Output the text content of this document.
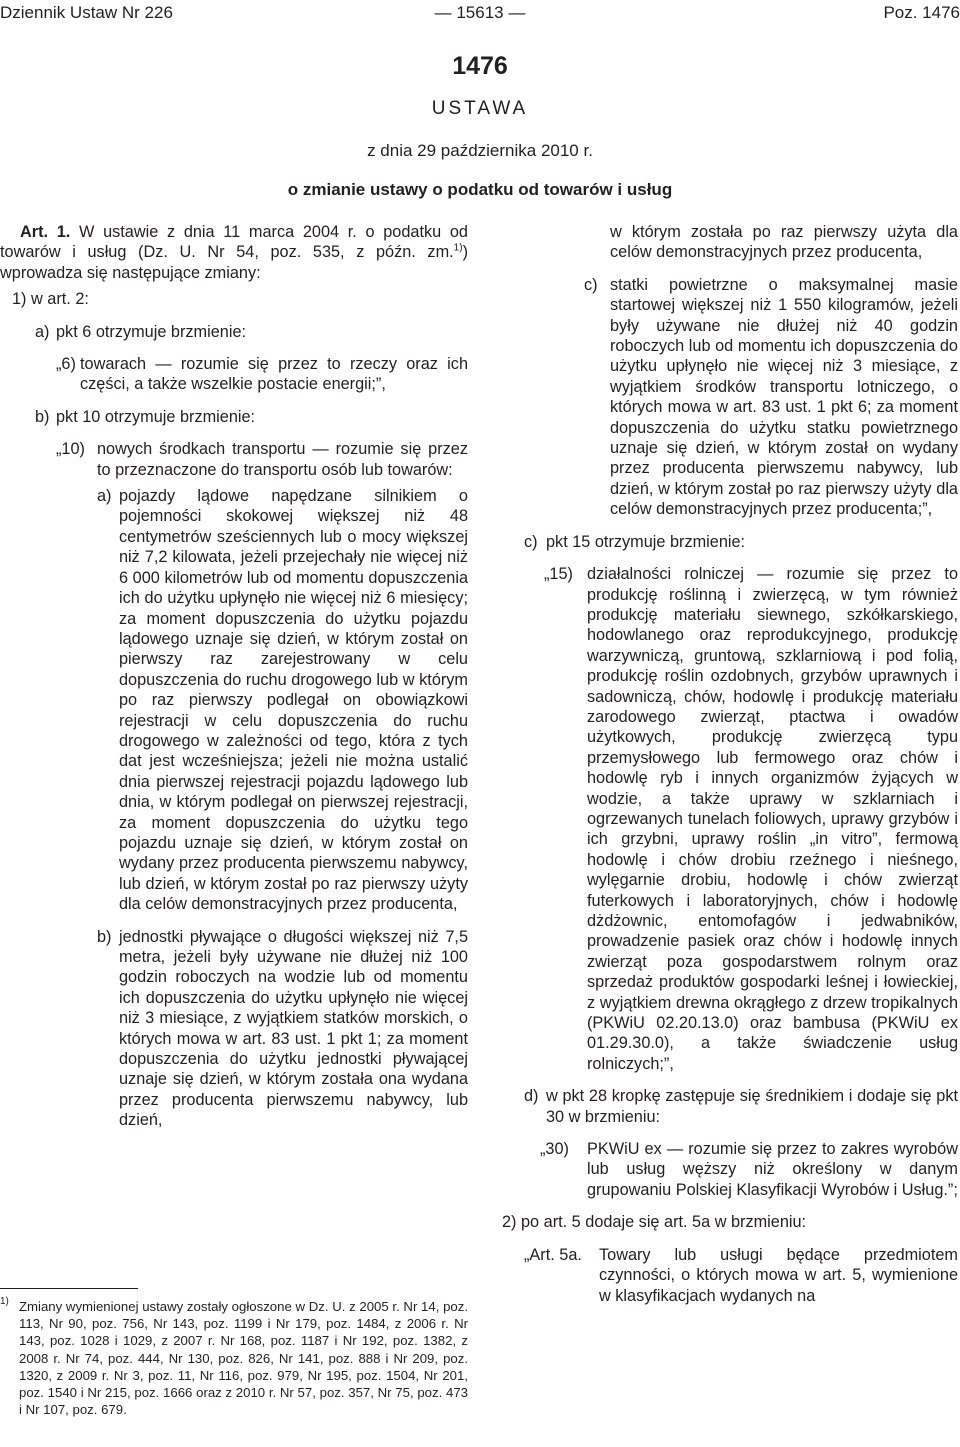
Dziennik Ustaw Nr 226	— 15613 —	Poz. 1476
1476
USTAWA
z dnia 29 października 2010 r.
o zmianie ustawy o podatku od towarów i usług

Art. 1. W ustawie z dnia 11 marca 2004 r. o podatku od towarów i usług (Dz. U. Nr 54, poz. 535, z późn. zm.$^{1)}$) wprowadza się następujące zmiany:

1) w art. 2:

a) pkt 6 otrzymuje brzmienie:

„6) towarach — rozumie się przez to rzeczy oraz ich części, a także wszelkie postacie energii;”,

b) pkt 10 otrzymuje brzmienie:

„10) nowych środkach transportu — rozumie się przez to przeznaczone do transportu osób lub towarów:

a) pojazdy lądowe napędzane silnikiem o pojemności skokowej większej niż 48 centymetrów sześciennych lub o mocy większej niż 7,2 kilowata, jeżeli przejechały nie więcej niż 6 000 kilometrów lub od momentu dopuszczenia ich do użytku upłynęło nie więcej niż 6 miesięcy; za moment dopuszczenia do użytku pojazdu lądowego uznaje się dzień, w którym został on pierwszy raz zarejestrowany w celu dopuszczenia do ruchu drogowego lub w którym po raz pierwszy podlegał on obowiązkowi rejestracji w celu dopuszczenia do ruchu drogowego w zależności od tego, która z tych dat jest wcześniejsza; jeżeli nie można ustalić dnia pierwszej rejestracji pojazdu lądowego lub dnia, w którym podlegał on pierwszej rejestracji, za moment dopuszczenia do użytku tego pojazdu uznaje się dzień, w którym został on wydany przez producenta pierwszemu nabywcy, lub dzień, w którym został po raz pierwszy użyty dla celów demonstracyjnych przez producenta,

b) jednostki pływające o długości większej niż 7,5 metra, jeżeli były używane nie dłużej niż 100 godzin roboczych na wodzie lub od momentu ich dopuszczenia do użytku upłynęło nie więcej niż 3 miesiące, z wyjątkiem statków morskich, o których mowa w art. 83 ust. 1 pkt 1; za moment dopuszczenia do użytku jednostki pływającej uznaje się dzień, w którym została ona wydana przez producenta pierwszemu nabywcy, lub dzień,

1) Zmiany wymienionej ustawy zostały ogłoszone w Dz. U. z 2005 r. Nr 14, poz. 113, Nr 90, poz. 756, Nr 143, poz. 1199 i Nr 179, poz. 1484, z 2006 r. Nr 143, poz. 1028 i 1029, z 2007 r. Nr 168, poz. 1187 i Nr 192, poz. 1382, z 2008 r. Nr 74, poz. 444, Nr 130, poz. 826, Nr 141, poz. 888 i Nr 209, poz. 1320, z 2009 r. Nr 3, poz. 11, Nr 116, poz. 979, Nr 195, poz. 1504, Nr 201, poz. 1540 i Nr 215, poz. 1666 oraz z 2010 r. Nr 57, poz. 357, Nr 75, poz. 473 i Nr 107, poz. 679.

w którym została po raz pierwszy użyta dla celów demonstracyjnych przez producenta,

c) statki powietrzne o maksymalnej masie startowej większej niż 1 550 kilogramów, jeżeli były używane nie dłużej niż 40 godzin roboczych lub od momentu ich dopuszczenia do użytku upłynęło nie więcej niż 3 miesiące, z wyjątkiem środków transportu lotniczego, o których mowa w art. 83 ust. 1 pkt 6; za moment dopuszczenia do użytku statku powietrznego uznaje się dzień, w którym został on wydany przez producenta pierwszemu nabywcy, lub dzień, w którym został po raz pierwszy użyty dla celów demonstracyjnych przez producenta;”,

c) pkt 15 otrzymuje brzmienie:

„15) działalności rolniczej — rozumie się przez to produkcję roślinną i zwierzęcą, w tym również produkcję materiału siewnego, szkółkarskiego, hodowlanego oraz reprodukcyjnego, produkcję warzywniczą, gruntową, szklarniową i pod folią, produkcję roślin ozdobnych, grzybów uprawnych i sadowniczą, chów, hodowlę i produkcję materiału zarodowego zwierząt, ptactwa i owadów użytkowych, produkcję zwierzęcą typu przemysłowego lub fermowego oraz chów i hodowlę ryb i innych organizmów żyjących w wodzie, a także uprawy w szklarniach i ogrzewanych tunelach foliowych, uprawy grzybów i ich grzybni, uprawy roślin „in vitro”, fermową hodowlę i chów drobiu rzeźnego i nieśnego, wylęgarnie drobiu, hodowlę i chów zwierząt futerkowych i laboratoryjnych, chów i hodowlę dżdżownic, entomofagów i jedwabników, prowadzenie pasiek oraz chów i hodowlę innych zwierząt poza gospodarstwem rolnym oraz sprzedaż produktów gospodarki leśnej i łowieckiej, z wyjątkiem drewna okrągłego z drzew tropikalnych (PKWiU 02.20.13.0) oraz bambusa (PKWiU ex 01.29.30.0), a także świadczenie usług rolniczych;”,

d) w pkt 28 kropkę zastępuje się średnikiem i dodaje się pkt 30 w brzmieniu:

„30) PKWiU ex — rozumie się przez to zakres wyrobów lub usług węższy niż określony w danym grupowaniu Polskiej Klasyfikacji Wyrobów i Usług.”;

2) po art. 5 dodaje się art. 5a w brzmieniu:

„Art. 5a. Towary lub usługi będące przedmiotem czynności, o których mowa w art. 5, wymienione w klasyfikacjach wydanych na
